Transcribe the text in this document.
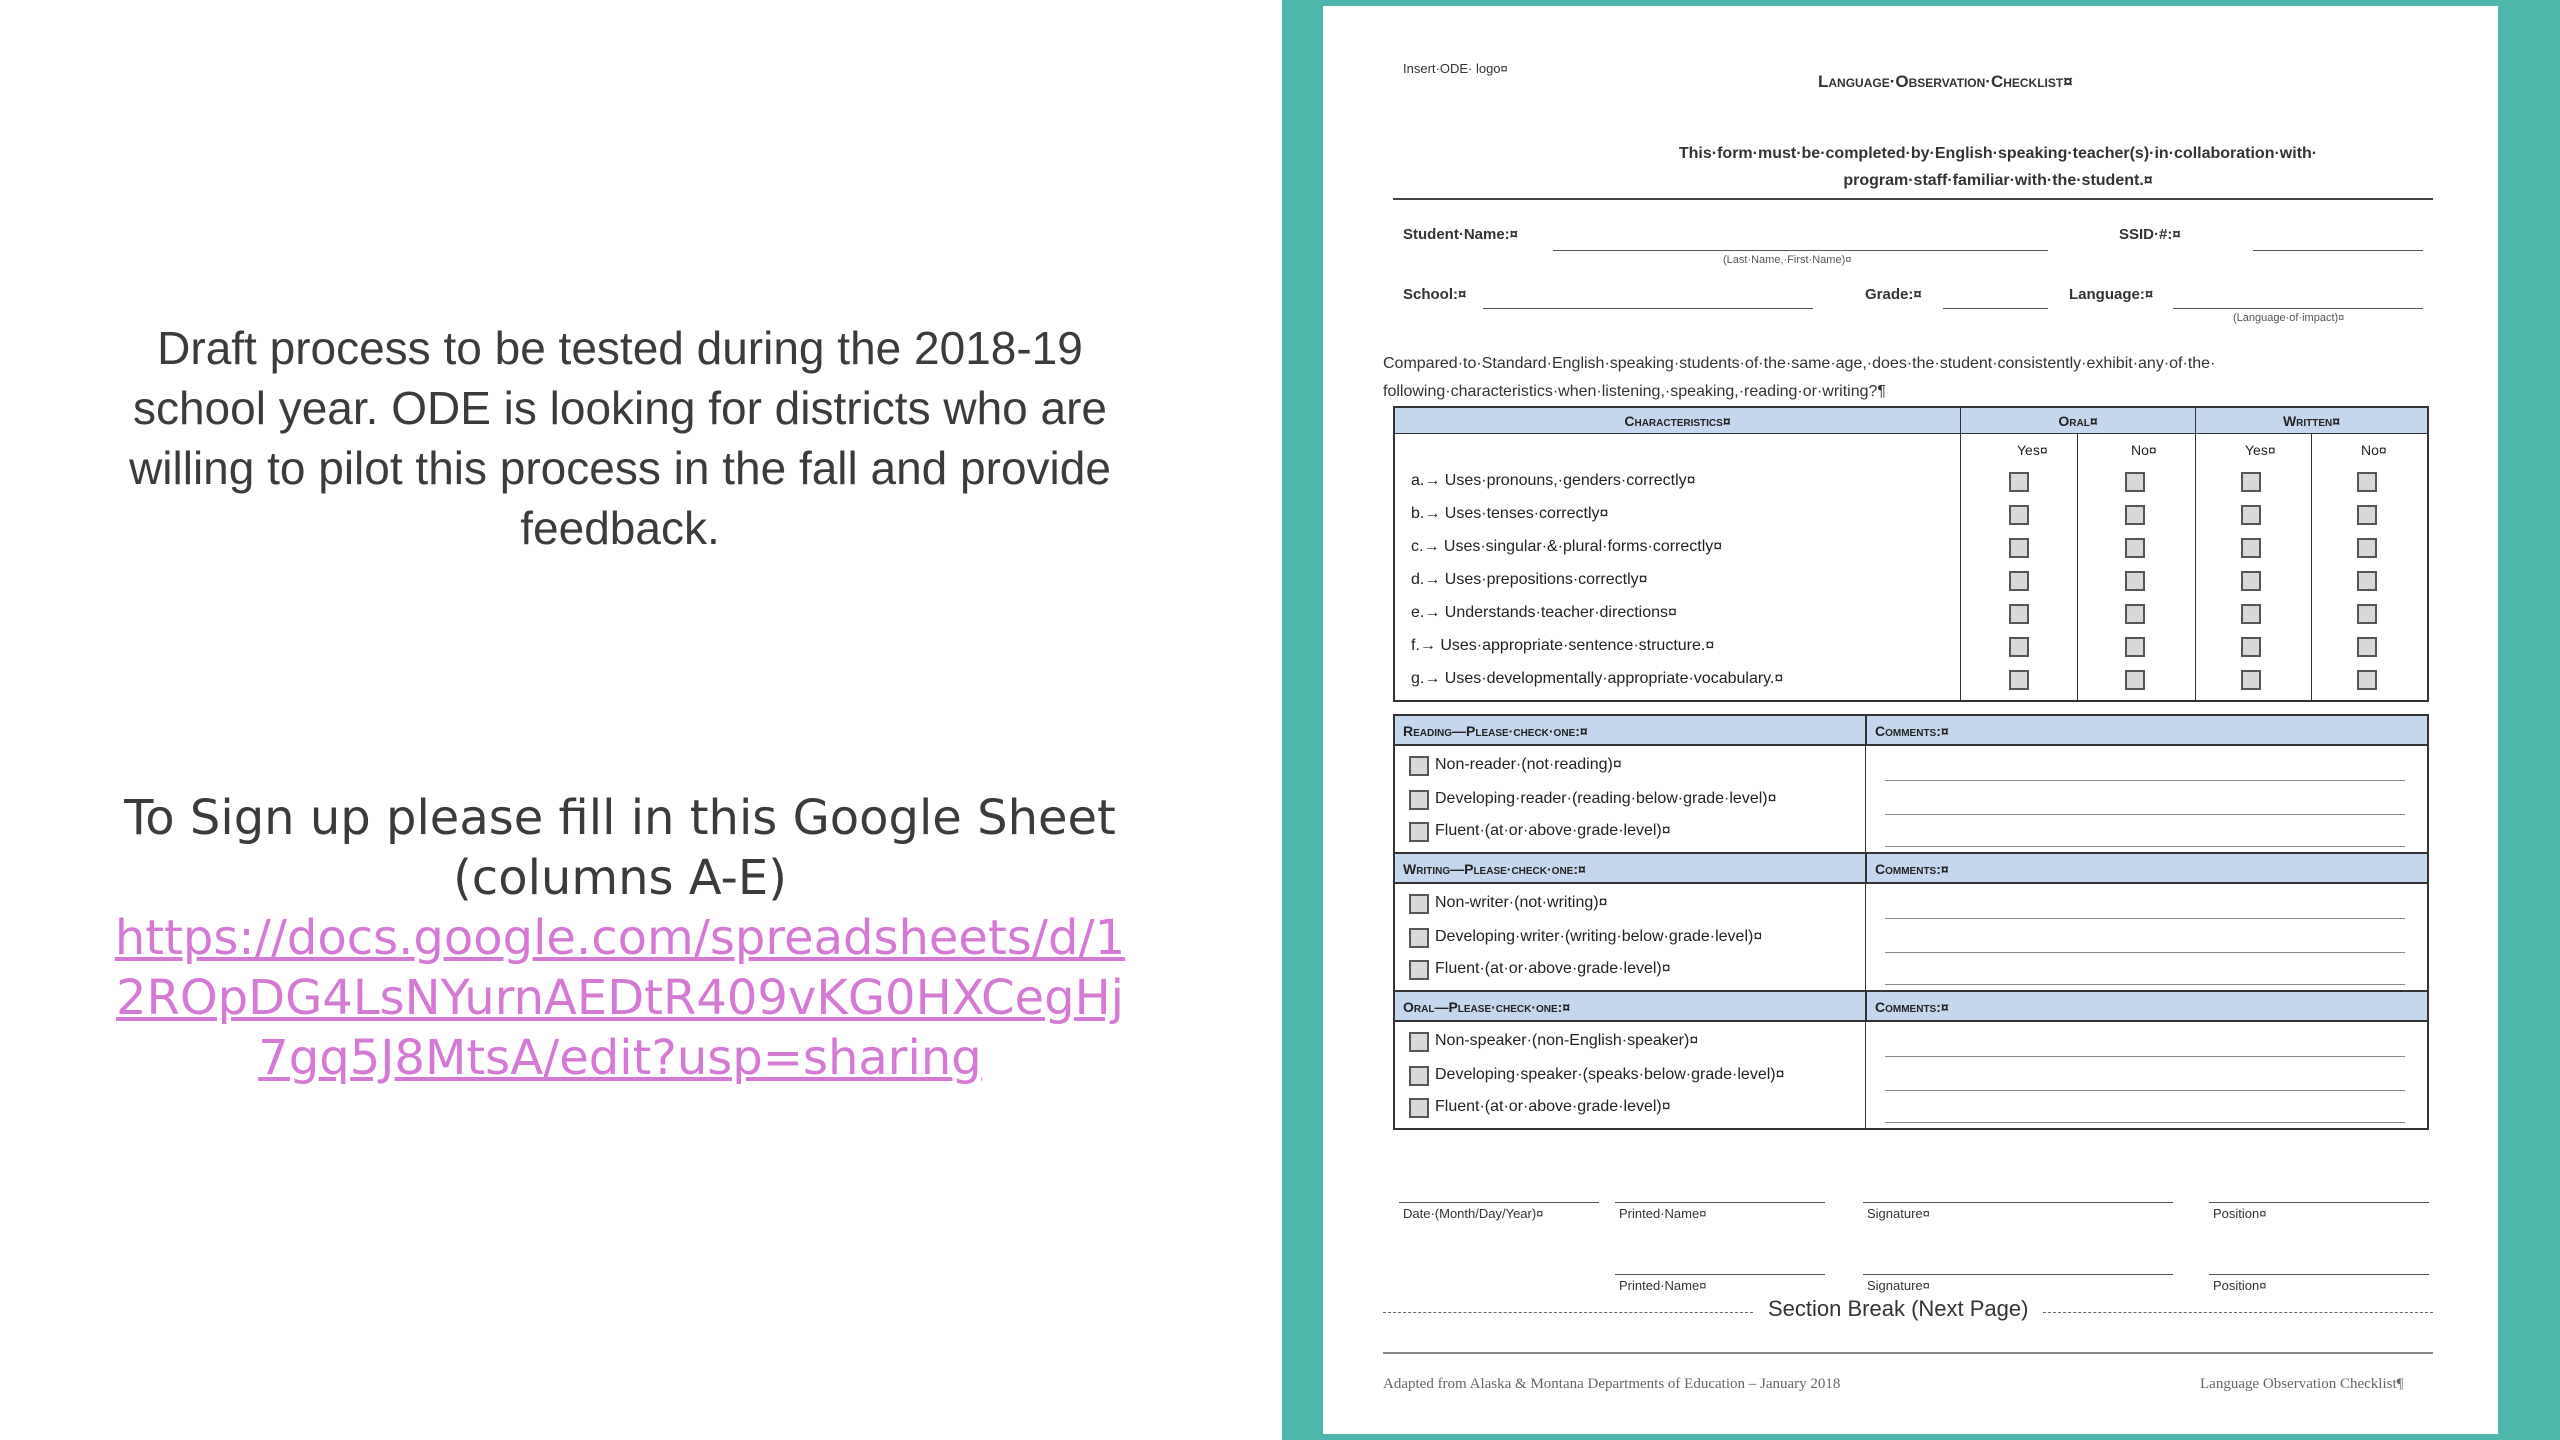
Draft process to be tested during the 2018-19 school year. ODE is looking for districts who are willing to pilot this process in the fall and provide feedback.
To Sign up please fill in this Google Sheet (columns A-E)
https://docs.google.com/spreadsheets/d/12ROpDG4LsNYurnAEDtR409vKG0HXCegHj7gq5J8MtsA/edit?usp=sharing
Insert·ODE· logo¤
Language·Observation·Checklist¤
This·form·must·be·completed·by·English·speaking·teacher(s)·in·collaboration·with· program·staff·familiar·with·the·student.¤
Student·Name:¤
(Last·Name,·First·Name)¤
SSID·#:¤
School:¤	Grade:¤	Language:¤
(Language·of·impact)¤
Compared·to·Standard·English·speaking·students·of·the·same·age,·does·the·student·consistently·exhibit·any·of·the· following·characteristics·when·listening,·speaking,·reading·or·writing?¶
Characteristics¤	Oral¤	Written¤
Yes¤	No¤	Yes¤	No¤
a.→ Uses·pronouns,·genders·correctly¤
b.→ Uses·tenses·correctly¤
c.→ Uses·singular·&·plural·forms·correctly¤
d.→ Uses·prepositions·correctly¤
e.→ Understands·teacher·directions¤
f.→ Uses·appropriate·sentence·structure.¤
g.→ Uses·developmentally·appropriate·vocabulary.¤
Reading—Please·check·one:¤	Comments:¤
Non-reader·(not·reading)¤
Developing·reader·(reading·below·grade·level)¤
Fluent·(at·or·above·grade·level)¤
Writing—Please·check·one:¤	Comments:¤
Non-writer·(not·writing)¤
Developing·writer·(writing·below·grade·level)¤
Fluent·(at·or·above·grade·level)¤
Oral—Please·check·one:¤	Comments:¤
Non-speaker·(non-English·speaker)¤
Developing·speaker·(speaks·below·grade·level)¤
Fluent·(at·or·above·grade·level)¤
Date·(Month/Day/Year)¤	Printed·Name¤	Signature¤	Position¤
Printed·Name¤	Signature¤	Position¤
Section Break (Next Page)
Adapted from Alaska & Montana Departments of Education – January 2018	Language Observation Checklist¶
